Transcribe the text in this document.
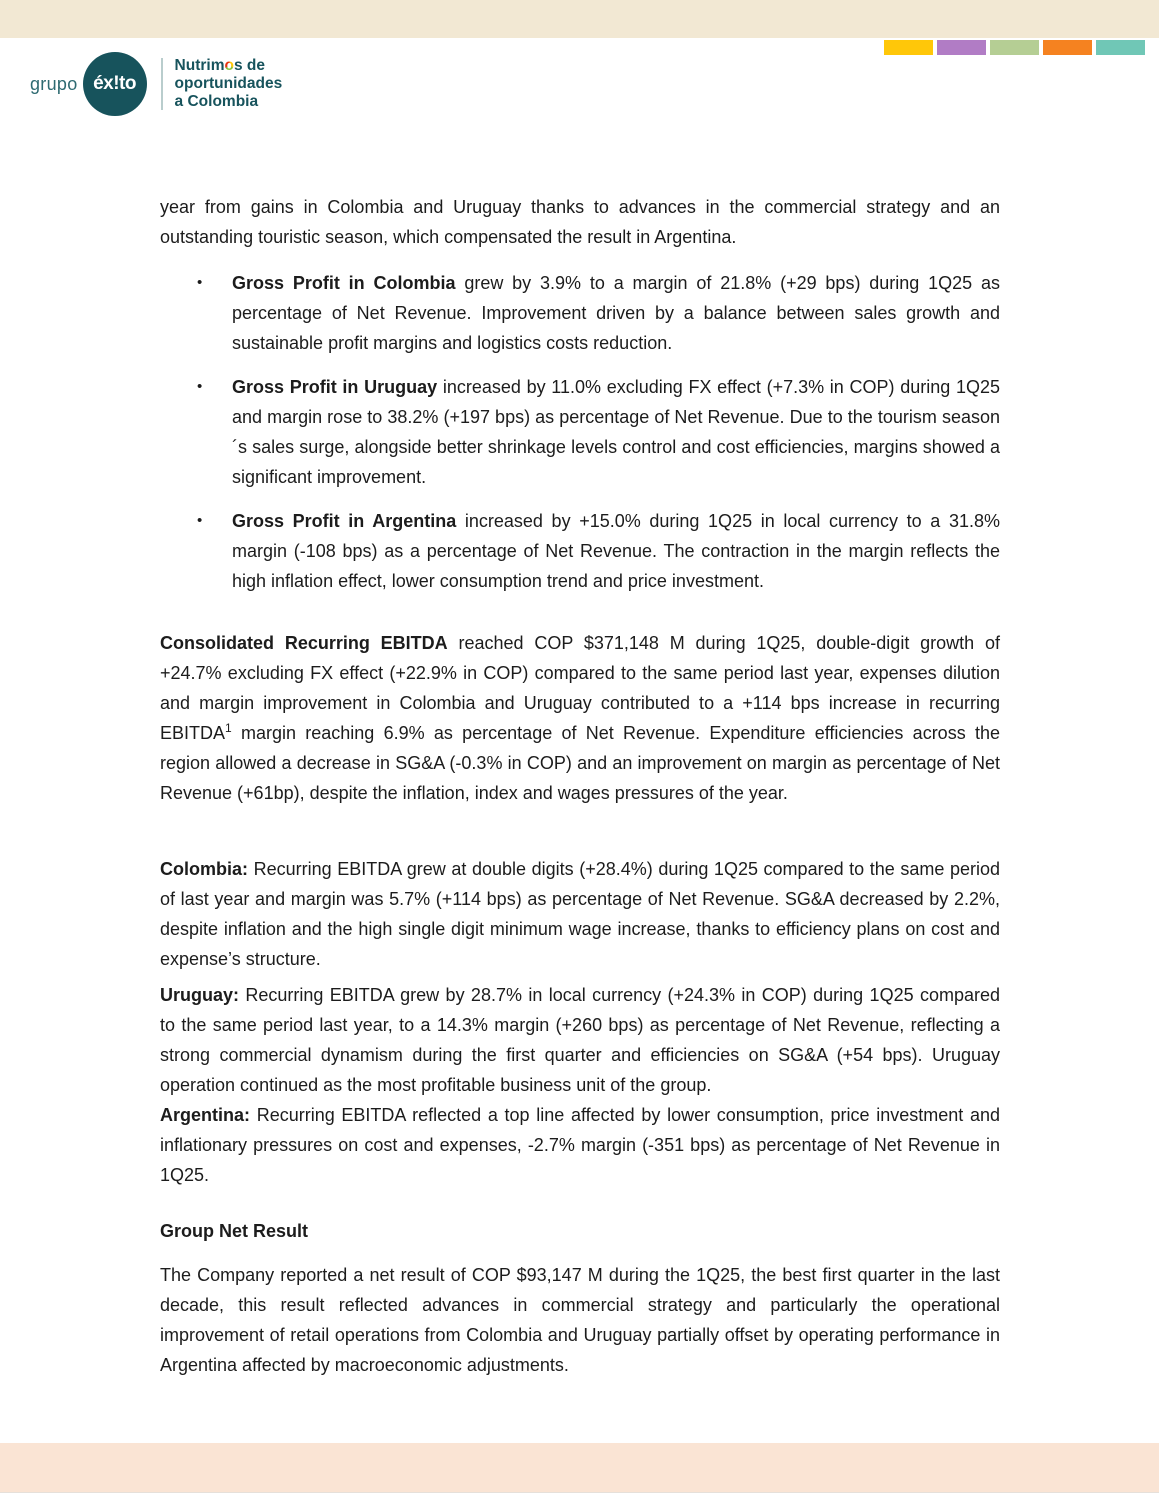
grupo éx!to
Nutrimos de
oportunidades
a Colombia

year from gains in Colombia and Uruguay thanks to advances in the commercial strategy and an outstanding touristic season, which compensated the result in Argentina.

•	Gross Profit in Colombia grew by 3.9% to a margin of 21.8% (+29 bps) during 1Q25 as percentage of Net Revenue. Improvement driven by a balance between sales growth and sustainable profit margins and logistics costs reduction.

•	Gross Profit in Uruguay increased by 11.0% excluding FX effect (+7.3% in COP) during 1Q25 and margin rose to 38.2% (+197 bps) as percentage of Net Revenue. Due to the tourism season´s sales surge, alongside better shrinkage levels control and cost efficiencies, margins showed a significant improvement.

•	Gross Profit in Argentina increased by +15.0% during 1Q25 in local currency to a 31.8% margin (-108 bps) as a percentage of Net Revenue. The contraction in the margin reflects the high inflation effect, lower consumption trend and price investment.

Consolidated Recurring EBITDA reached COP $371,148 M during 1Q25, double-digit growth of +24.7% excluding FX effect (+22.9% in COP) compared to the same period last year, expenses dilution and margin improvement in Colombia and Uruguay contributed to a +114 bps increase in recurring EBITDA$^1$ margin reaching 6.9% as percentage of Net Revenue. Expenditure efficiencies across the region allowed a decrease in SG&A (-0.3% in COP) and an improvement on margin as percentage of Net Revenue (+61bp), despite the inflation, index and wages pressures of the year.

Colombia: Recurring EBITDA grew at double digits (+28.4%) during 1Q25 compared to the same period of last year and margin was 5.7% (+114 bps) as percentage of Net Revenue. SG&A decreased by 2.2%, despite inflation and the high single digit minimum wage increase, thanks to efficiency plans on cost and expense’s structure.

Uruguay: Recurring EBITDA grew by 28.7% in local currency (+24.3% in COP) during 1Q25 compared to the same period last year, to a 14.3% margin (+260 bps) as percentage of Net Revenue, reflecting a strong commercial dynamism during the first quarter and efficiencies on SG&A (+54 bps). Uruguay operation continued as the most profitable business unit of the group.

Argentina: Recurring EBITDA reflected a top line affected by lower consumption, price investment and inflationary pressures on cost and expenses, -2.7% margin (-351 bps) as percentage of Net Revenue in 1Q25.

Group Net Result

The Company reported a net result of COP $93,147 M during the 1Q25, the best first quarter in the last decade, this result reflected advances in commercial strategy and particularly the operational improvement of retail operations from Colombia and Uruguay partially offset by operating performance in Argentina affected by macroeconomic adjustments.
